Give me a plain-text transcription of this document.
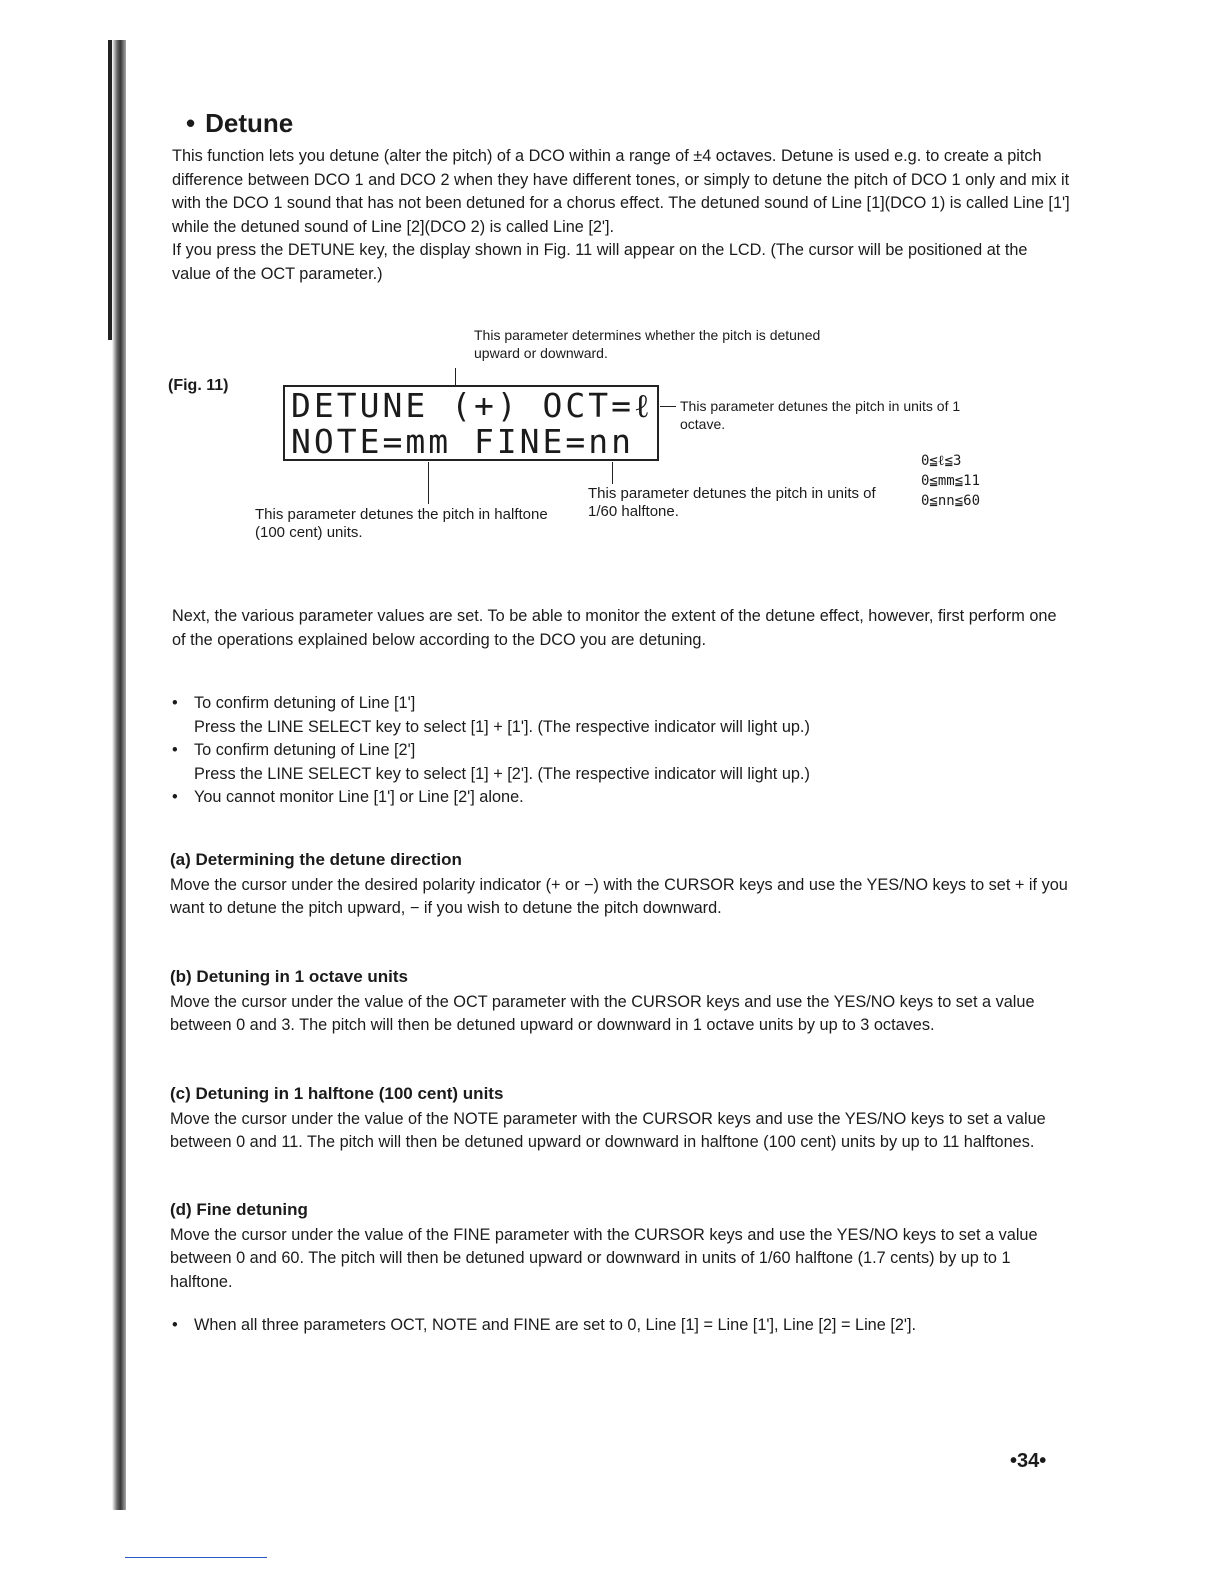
• Detune

This function lets you detune (alter the pitch) of a DCO within a range of ±4 octaves. Detune is used e.g. to create a pitch difference between DCO 1 and DCO 2 when they have different tones, or simply to detune the pitch of DCO 1 only and mix it with the DCO 1 sound that has not been detuned for a chorus effect. The detuned sound of Line [1](DCO 1) is called Line [1'] while the detuned sound of Line [2](DCO 2) is called Line [2'].

If you press the DETUNE key, the display shown in Fig. 11 will appear on the LCD. (The cursor will be positioned at the value of the OCT parameter.)

(Fig. 11)
This parameter determines whether the pitch is detuned upward or downward.
DETUNE (+) OCT=ℓ
NOTE=mm FINE=nn
This parameter detunes the pitch in units of 1 octave.
This parameter detunes the pitch in halftone (100 cent) units.
This parameter detunes the pitch in units of 1/60 halftone.
0≦ℓ≦3
0≦mm≦11
0≦nn≦60
Next, the various parameter values are set. To be able to monitor the extent of the detune effect, however, first perform one of the operations explained below according to the DCO you are detuning.
• To confirm detuning of Line [1']
Press the LINE SELECT key to select [1] + [1']. (The respective indicator will light up.)
• To confirm detuning of Line [2']
Press the LINE SELECT key to select [1] + [2']. (The respective indicator will light up.)
• You cannot monitor Line [1'] or Line [2'] alone.
(a) Determining the detune direction

Move the cursor under the desired polarity indicator (+ or −) with the CURSOR keys and use the YES/NO keys to set + if you want to detune the pitch upward, − if you wish to detune the pitch downward.

(b) Detuning in 1 octave units

Move the cursor under the value of the OCT parameter with the CURSOR keys and use the YES/NO keys to set a value between 0 and 3. The pitch will then be detuned upward or downward in 1 octave units by up to 3 octaves.

(c) Detuning in 1 halftone (100 cent) units

Move the cursor under the value of the NOTE parameter with the CURSOR keys and use the YES/NO keys to set a value between 0 and 11. The pitch will then be detuned upward or downward in halftone (100 cent) units by up to 11 halftones.

(d) Fine detuning

Move the cursor under the value of the FINE parameter with the CURSOR keys and use the YES/NO keys to set a value between 0 and 60. The pitch will then be detuned upward or downward in units of 1/60 halftone (1.7 cents) by up to 1 halftone.

• When all three parameters OCT, NOTE and FINE are set to 0, Line [1] = Line [1'], Line [2] = Line [2'].
•34•
